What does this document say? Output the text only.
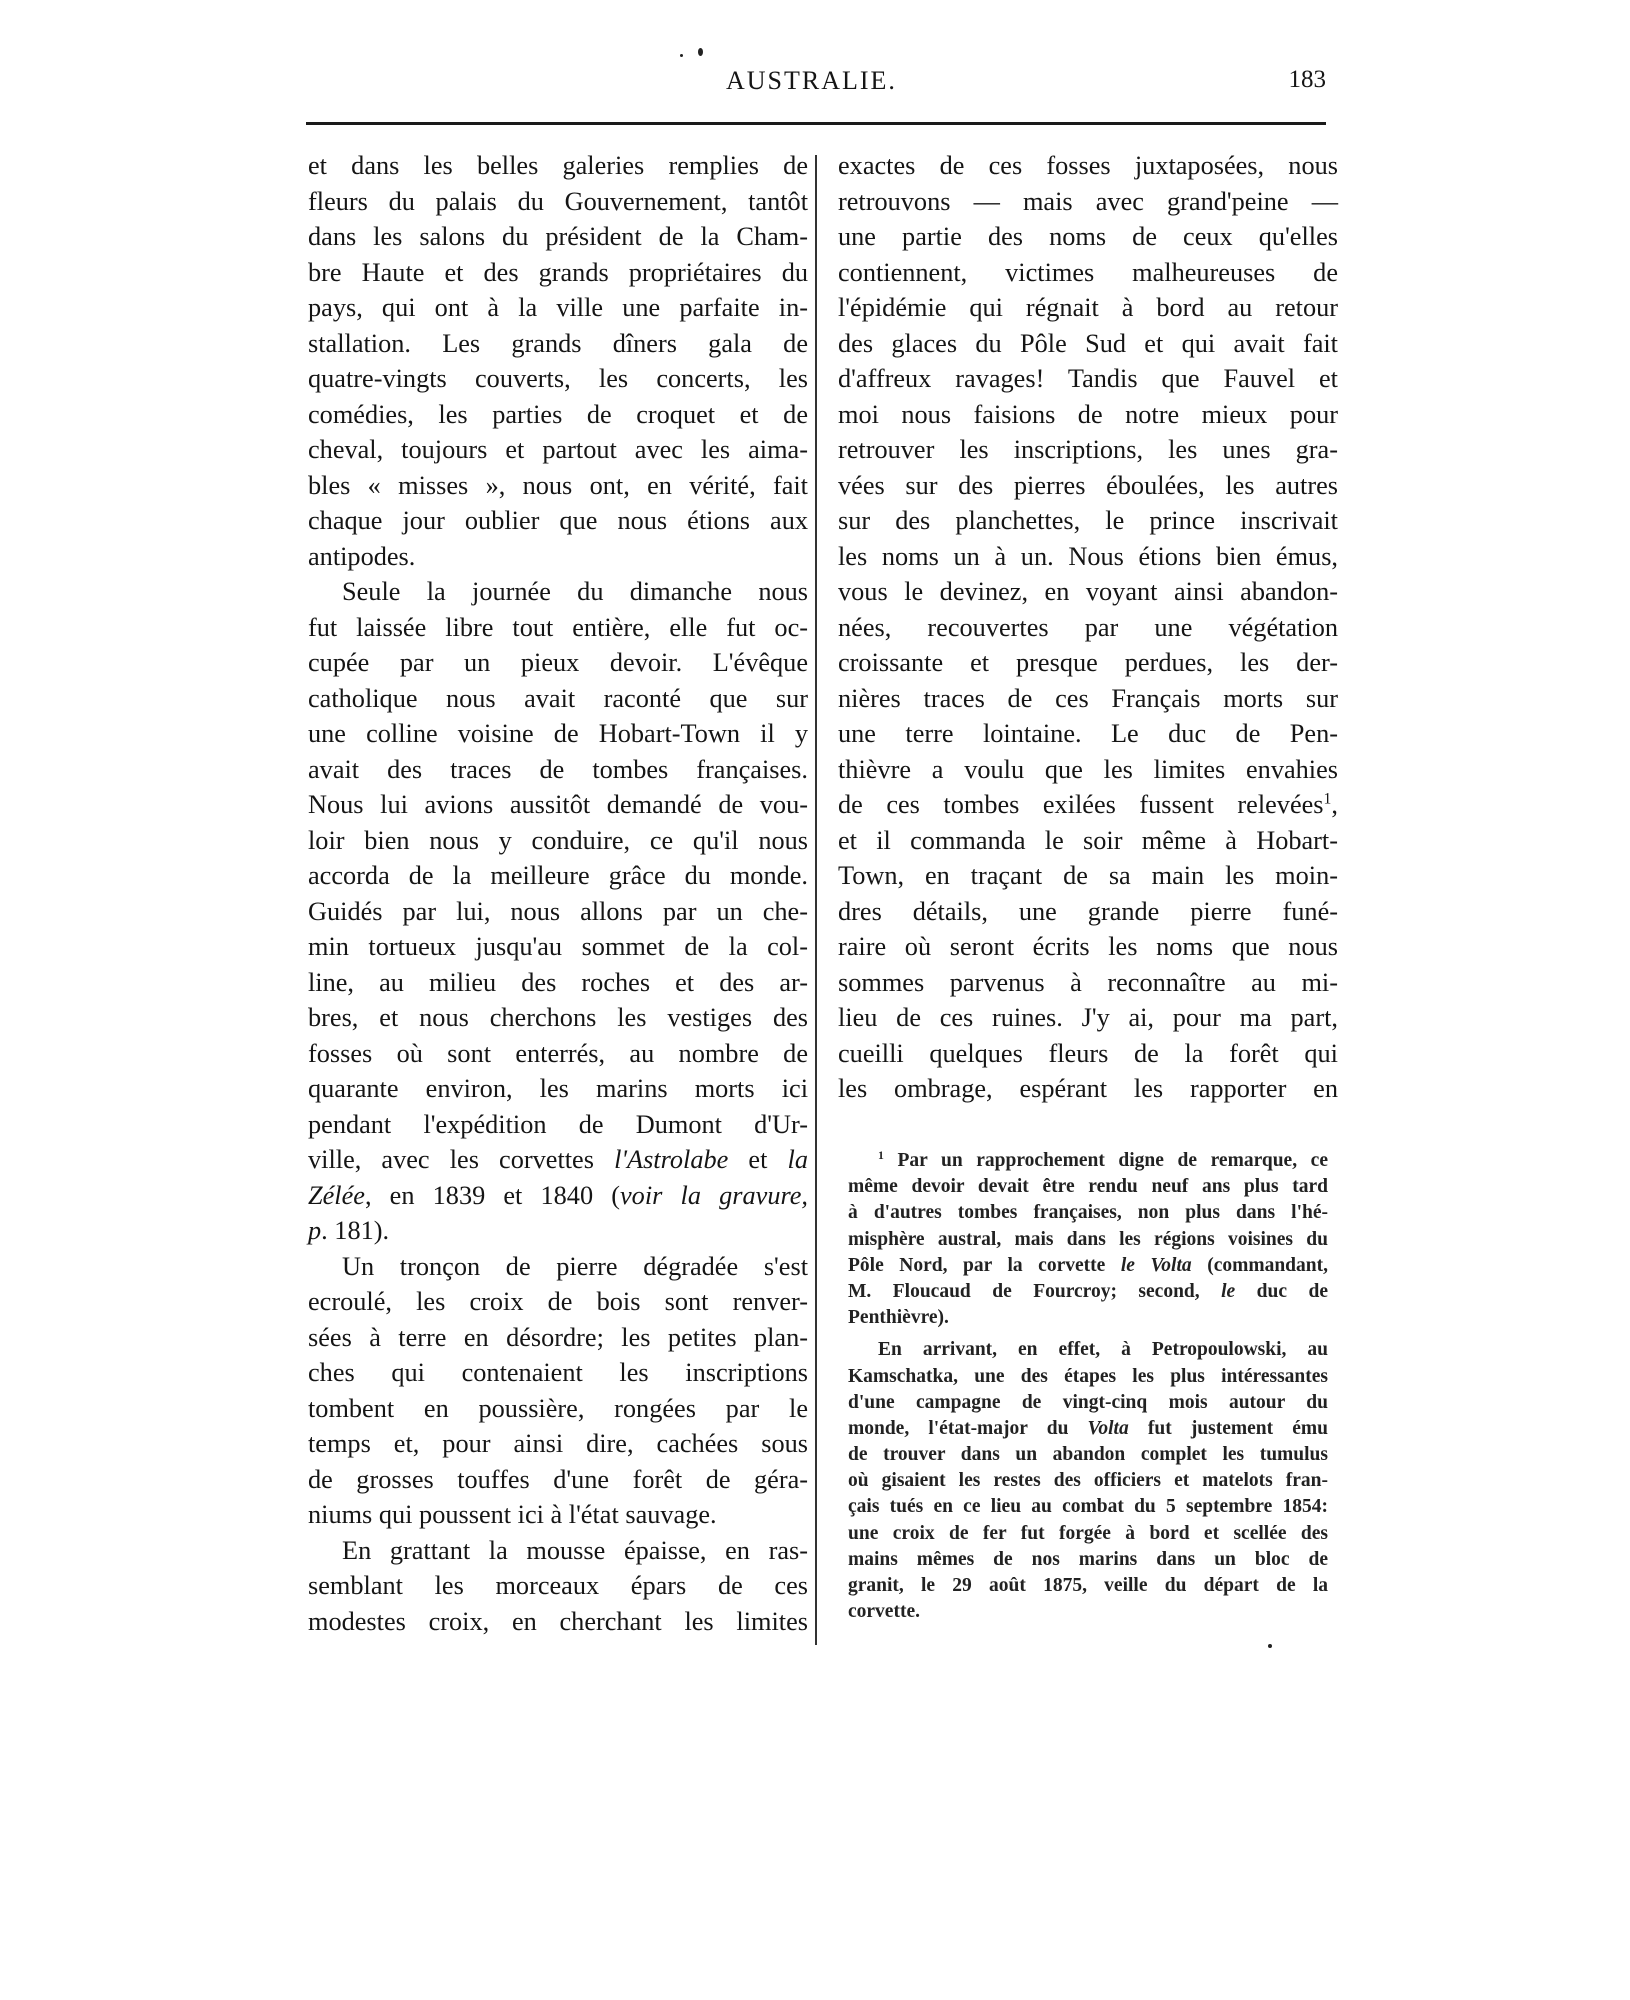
AUSTRALIE.	183
et dans les belles galeries remplies de
fleurs du palais du Gouvernement, tantôt
dans les salons du président de la Cham-
bre Haute et des grands propriétaires du
pays, qui ont à la ville une parfaite in-
stallation. Les grands dîners gala de
quatre-vingts couverts, les concerts, les
comédies, les parties de croquet et de
cheval, toujours et partout avec les aima-
bles « misses », nous ont, en vérité, fait
chaque jour oublier que nous étions aux
antipodes.
Seule la journée du dimanche nous
fut laissée libre tout entière, elle fut oc-
cupée par un pieux devoir. L'évêque
catholique nous avait raconté que sur
une colline voisine de Hobart-Town il y
avait des traces de tombes françaises.
Nous lui avions aussitôt demandé de vou-
loir bien nous y conduire, ce qu'il nous
accorda de la meilleure grâce du monde.
Guidés par lui, nous allons par un che-
min tortueux jusqu'au sommet de la col-
line, au milieu des roches et des ar-
bres, et nous cherchons les vestiges des
fosses où sont enterrés, au nombre de
quarante environ, les marins morts ici
pendant l'expédition de Dumont d'Ur-
ville, avec les corvettes l'Astrolabe et la
Zélée, en 1839 et 1840 (voir la gravure,
p. 181).
Un tronçon de pierre dégradée s'est
ecroulé, les croix de bois sont renver-
sées à terre en désordre; les petites plan-
ches qui contenaient les inscriptions
tombent en poussière, rongées par le
temps et, pour ainsi dire, cachées sous
de grosses touffes d'une forêt de géra-
niums qui poussent ici à l'état sauvage.
En grattant la mousse épaisse, en ras-
semblant les morceaux épars de ces
modestes croix, en cherchant les limites
exactes de ces fosses juxtaposées, nous
retrouvons — mais avec grand'peine —
une partie des noms de ceux qu'elles
contiennent, victimes malheureuses de
l'épidémie qui régnait à bord au retour
des glaces du Pôle Sud et qui avait fait
d'affreux ravages! Tandis que Fauvel et
moi nous faisions de notre mieux pour
retrouver les inscriptions, les unes gra-
vées sur des pierres éboulées, les autres
sur des planchettes, le prince inscrivait
les noms un à un. Nous étions bien émus,
vous le devinez, en voyant ainsi abandon-
nées, recouvertes par une végétation
croissante et presque perdues, les der-
nières traces de ces Français morts sur
une terre lointaine. Le duc de Pen-
thièvre a voulu que les limites envahies
de ces tombes exilées fussent relevées$^1$,
et il commanda le soir même à Hobart-
Town, en traçant de sa main les moin-
dres détails, une grande pierre funé-
raire où seront écrits les noms que nous
sommes parvenus à reconnaître au mi-
lieu de ces ruines. J'y ai, pour ma part,
cueilli quelques fleurs de la forêt qui
les ombrage, espérant les rapporter en
$^1$ Par un rapprochement digne de remarque, ce
même devoir devait être rendu neuf ans plus tard
à d'autres tombes françaises, non plus dans l'hé-
misphère austral, mais dans les régions voisines du
Pôle Nord, par la corvette le Volta (commandant,
M. Floucaud de Fourcroy; second, le duc de
Penthièvre).
En arrivant, en effet, à Petropoulowski, au
Kamschatka, une des étapes les plus intéressantes
d'une campagne de vingt-cinq mois autour du
monde, l'état-major du Volta fut justement ému
de trouver dans un abandon complet les tumulus
où gisaient les restes des officiers et matelots fran-
çais tués en ce lieu au combat du 5 septembre 1854:
une croix de fer fut forgée à bord et scellée des
mains mêmes de nos marins dans un bloc de
granit, le 29 août 1875, veille du départ de la
corvette.
